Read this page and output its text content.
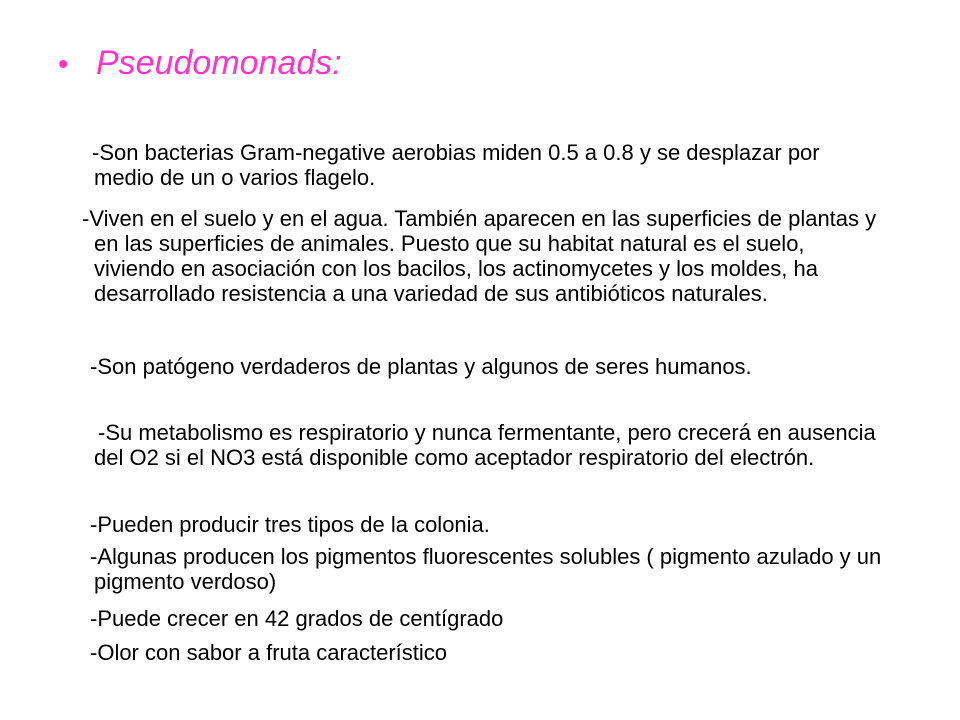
• Pseudomonads:

-Son bacterias Gram-negative aerobias miden 0.5 a 0.8 y se desplazar por medio de un o varios flagelo.

-Viven en el suelo y en el agua. También aparecen en las superficies de plantas y en las superficies de animales. Puesto que su habitat natural es el suelo, viviendo en asociación con los bacilos, los actinomycetes y los moldes, ha desarrollado resistencia a una variedad de sus antibióticos naturales.

-Son patógeno verdaderos de plantas y algunos de seres humanos.

-Su metabolismo es respiratorio y nunca fermentante, pero crecerá en ausencia del O2 si el NO3 está disponible como aceptador respiratorio del electrón.

-Pueden producir tres tipos de la colonia.

-Algunas producen los pigmentos fluorescentes solubles ( pigmento azulado y un pigmento verdoso)

-Puede crecer en 42 grados de centígrado

-Olor con sabor a fruta característico
